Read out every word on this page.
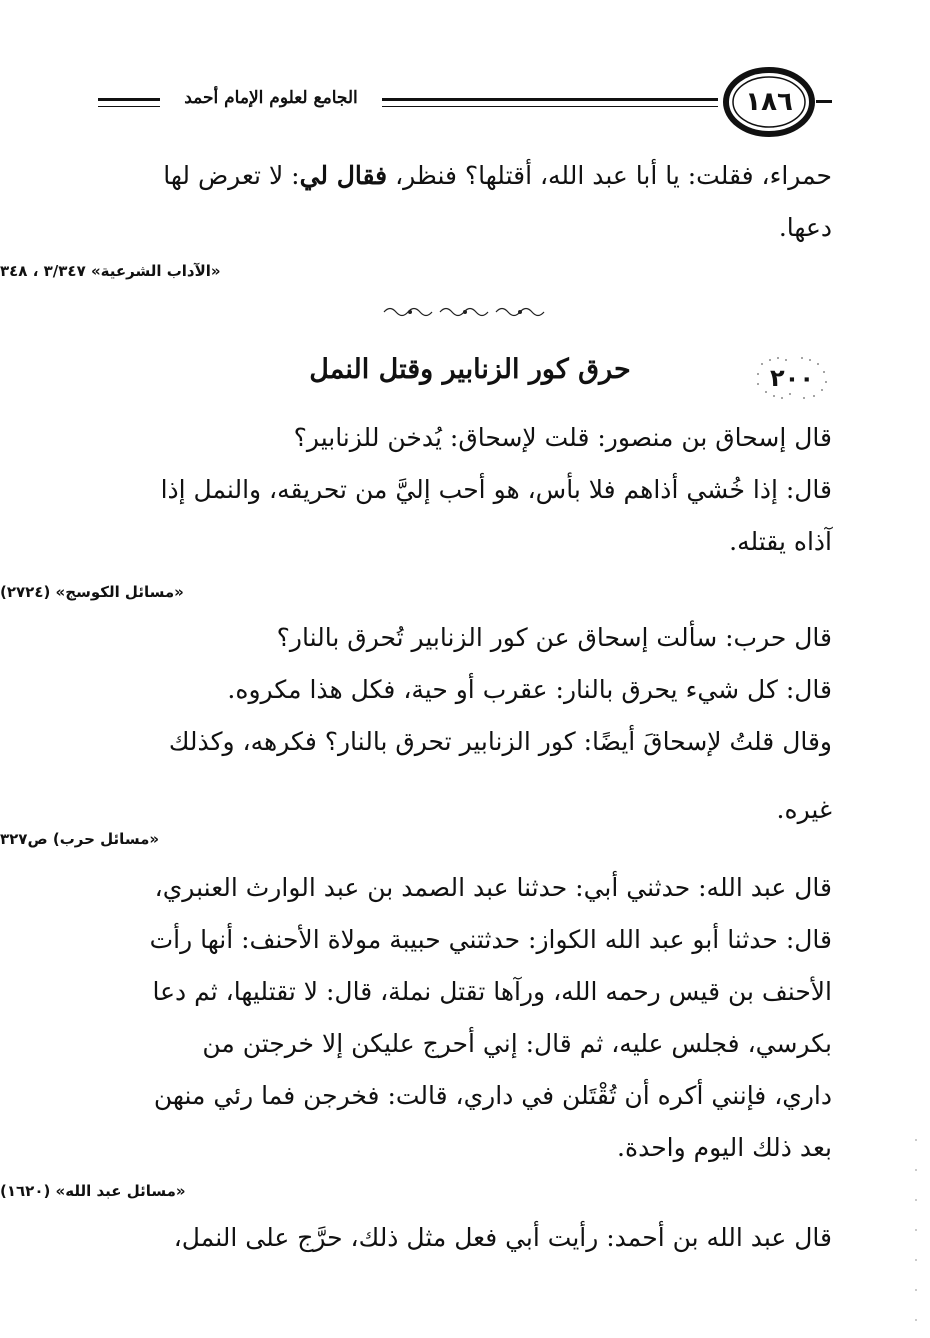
الجامع لعلوم الإمام أحمد	١٨٦
حمراء، فقلت: يا أبا عبد الله، أقتلها؟ فنظر، فقال لي: لا تعرض لها
دعها.
«الآداب الشرعية» ٣/٣٤٧ ، ٣٤٨
٢٠٠
حرق كور الزنابير وقتل النمل
قال إسحاق بن منصور: قلت لإسحاق: يُدخن للزنابير؟
قال: إذا خُشي أذاهم فلا بأس، هو أحب إليَّ من تحريقه، والنمل إذا
آذاه يقتله.
«مسائل الكوسج» (٢٧٢٤)
قال حرب: سألت إسحاق عن كور الزنابير تُحرق بالنار؟
قال: كل شيء يحرق بالنار: عقرب أو حية، فكل هذا مكروه.
وقال قلتُ لإسحاقَ أيضًا: كور الزنابير تحرق بالنار؟ فكرهه، وكذلك
غيره.
«مسائل حرب) ص٣٢٧
قال عبد الله: حدثني أبي: حدثنا عبد الصمد بن عبد الوارث العنبري،
قال: حدثنا أبو عبد الله الكواز: حدثتني حبيبة مولاة الأحنف: أنها رأت
الأحنف بن قيس رحمه الله، ورآها تقتل نملة، قال: لا تقتليها، ثم دعا
بكرسي، فجلس عليه، ثم قال: إني أحرج عليكن إلا خرجتن من
داري، فإنني أكره أن تُقْتَلن في داري، قالت: فخرجن فما رئي منهن
بعد ذلك اليوم واحدة.
«مسائل عبد الله» (١٦٢٠)
قال عبد الله بن أحمد: رأيت أبي فعل مثل ذلك، حرَّج على النمل،
